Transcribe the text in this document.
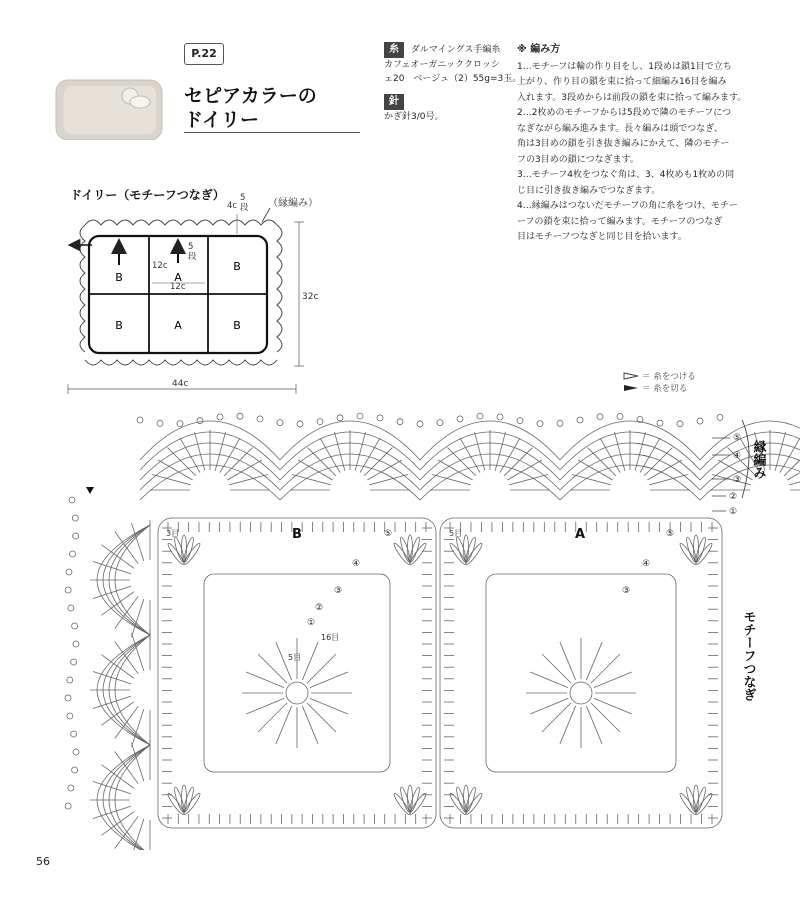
P.22
セピアカラーの
ドイリー
糸 ダルマイングス手編糸
カフェオーガニッククロッシ
ェ20　ベージュ（2）55g=3玉。
針
かぎ針3/0号。
※ 編み方

1…モチーフは輪の作り目をし、1段めは鎖1目で立ち

上がり、作り目の鎖を束に拾って細編み16目を編み

入れます。3段めからは前段の鎖を束に拾って編みます。

2…2枚めのモチーフからは5段めで隣のモチーフにつ

なぎながら編み進みます。長々編みは頭でつなぎ、

角は3目めの鎖を引き抜き編みにかえて、隣のモチー

フの3目めの鎖につなぎます。

3…モチーフ4枚をつなぐ角は、3、4枚めも1枚めの同

じ目に引き抜き編みでつなぎます。

4…縁編みはつないだモチーフの角に糸をつけ、モチー

ーフの鎖を束に拾って編みます。モチーフのつなぎ

目はモチーフつなぎと同じ目を拾います。

ドイリー（モチーフつなぎ）
（縁編み）
B	A
B
B	A	B
4c
5
段
5
段
12c
12c
32c
44c
＝ 糸をつける
＝ 糸を切る
B	A
3目	5目
⑤
④
③
②
①
⑤
④
③
16目
5目
⑤
④
③
②
①
縁編み
モチーフつなぎ
56
